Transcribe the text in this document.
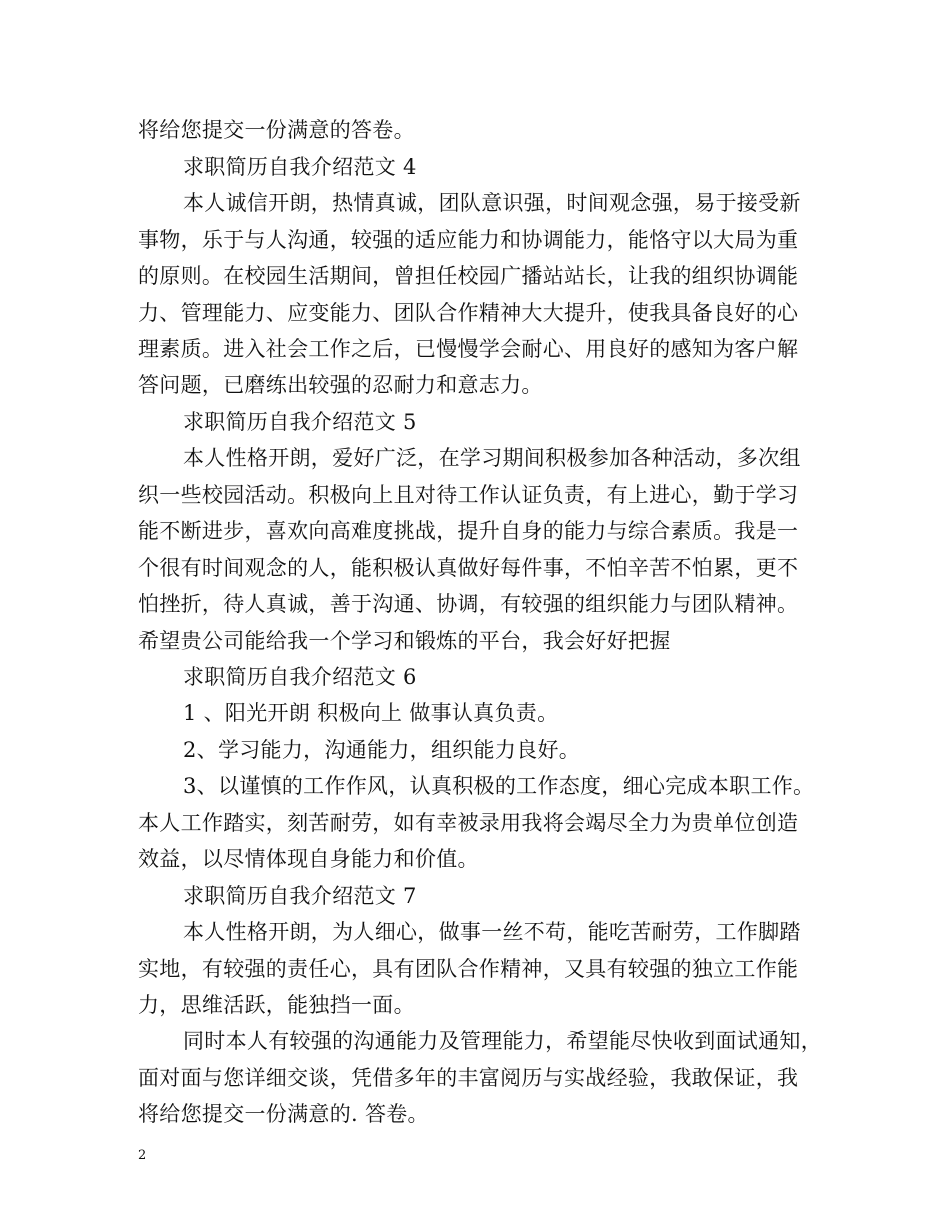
将给您提交一份满意的答卷。
求职简历自我介绍范文 4
本人诚信开朗，热情真诚，团队意识强，时间观念强，易于接受新
事物，乐于与人沟通，较强的适应能力和协调能力，能恪守以大局为重
的原则。在校园生活期间，曾担任校园广播站站长，让我的组织协调能
力、管理能力、应变能力、团队合作精神大大提升，使我具备良好的心
理素质。进入社会工作之后，已慢慢学会耐心、用良好的感知为客户解
答问题，已磨练出较强的忍耐力和意志力。
求职简历自我介绍范文 5
本人性格开朗，爱好广泛，在学习期间积极参加各种活动，多次组
织一些校园活动。积极向上且对待工作认证负责，有上进心，勤于学习
能不断进步，喜欢向高难度挑战，提升自身的能力与综合素质。我是一
个很有时间观念的人，能积极认真做好每件事，不怕辛苦不怕累，更不
怕挫折，待人真诚，善于沟通、协调，有较强的组织能力与团队精神。
希望贵公司能给我一个学习和锻炼的平台，我会好好把握
求职简历自我介绍范文 6
1 、阳光开朗 积极向上 做事认真负责。
2、学习能力，沟通能力，组织能力良好。
3、以谨慎的工作作风，认真积极的工作态度，细心完成本职工作。
本人工作踏实，刻苦耐劳，如有幸被录用我将会竭尽全力为贵单位创造
效益，以尽情体现自身能力和价值。
求职简历自我介绍范文 7
本人性格开朗，为人细心，做事一丝不苟，能吃苦耐劳，工作脚踏
实地，有较强的责任心，具有团队合作精神，又具有较强的独立工作能
力，思维活跃，能独挡一面。
同时本人有较强的沟通能力及管理能力，希望能尽快收到面试通知，
面对面与您详细交谈，凭借多年的丰富阅历与实战经验，我敢保证，我
将给您提交一份满意的. 答卷。
2
